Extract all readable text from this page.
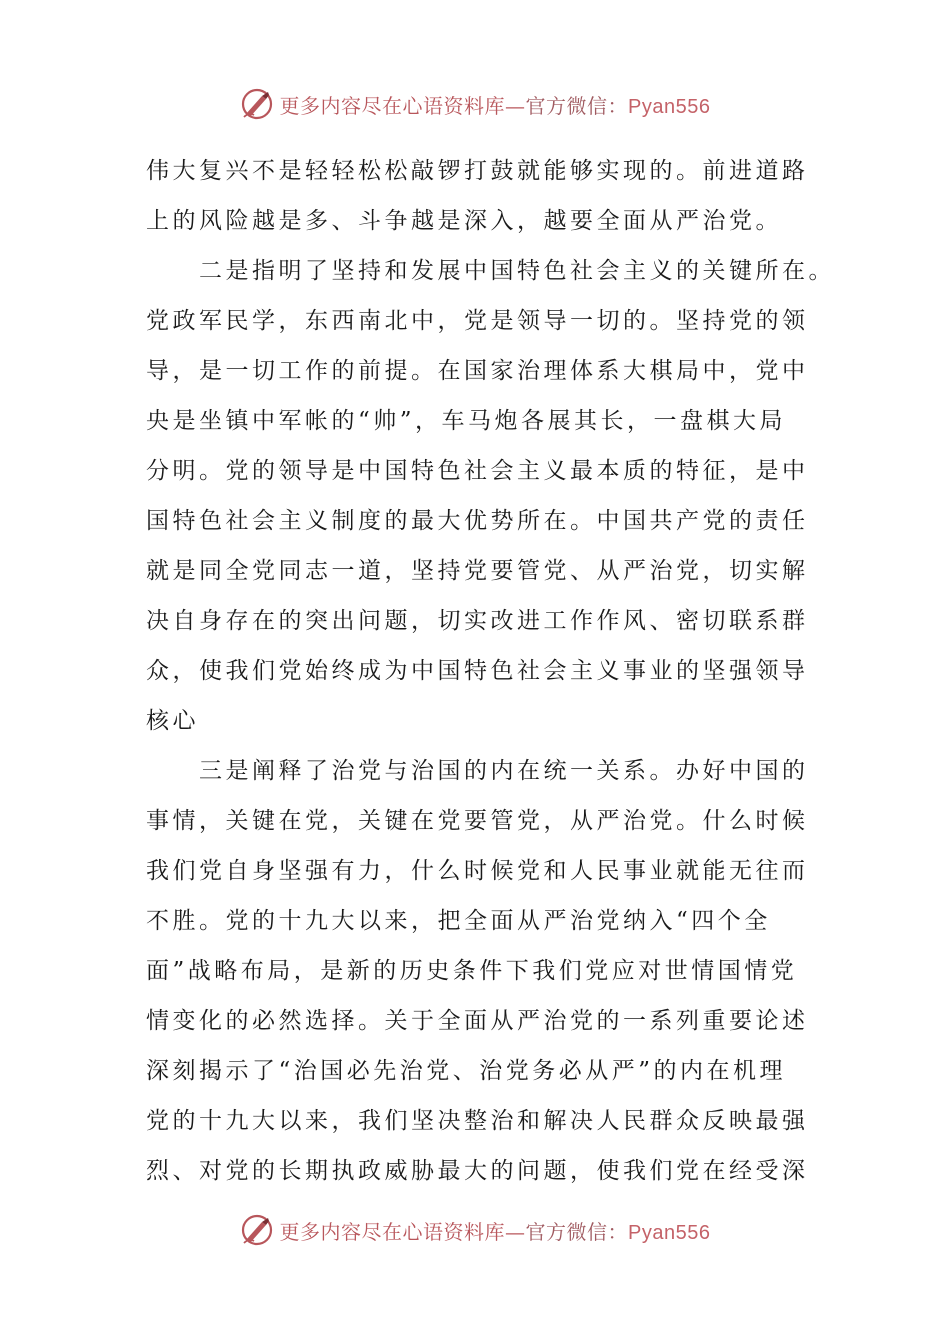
更多内容尽在心语资料库—官方微信：Pyan556
伟大复兴不是轻轻松松敲锣打鼓就能够实现的。前进道路
上的风险越是多、斗争越是深入，越要全面从严治党。
　　二是指明了坚持和发展中国特色社会主义的关键所在。
党政军民学，东西南北中，党是领导一切的。坚持党的领
导，是一切工作的前提。在国家治理体系大棋局中，党中
央是坐镇中军帐的“帅”，车马炮各展其长，一盘棋大局
分明。党的领导是中国特色社会主义最本质的特征，是中
国特色社会主义制度的最大优势所在。中国共产党的责任
就是同全党同志一道，坚持党要管党、从严治党，切实解
决自身存在的突出问题，切实改进工作作风、密切联系群
众，使我们党始终成为中国特色社会主义事业的坚强领导
核心
　　三是阐释了治党与治国的内在统一关系。办好中国的
事情，关键在党，关键在党要管党，从严治党。什么时候
我们党自身坚强有力，什么时候党和人民事业就能无往而
不胜。党的十九大以来，把全面从严治党纳入“四个全
面”战略布局，是新的历史条件下我们党应对世情国情党
情变化的必然选择。关于全面从严治党的一系列重要论述
深刻揭示了“治国必先治党、治党务必从严”的内在机理
党的十九大以来，我们坚决整治和解决人民群众反映最强
烈、对党的长期执政威胁最大的问题，使我们党在经受深
更多内容尽在心语资料库—官方微信：Pyan556
